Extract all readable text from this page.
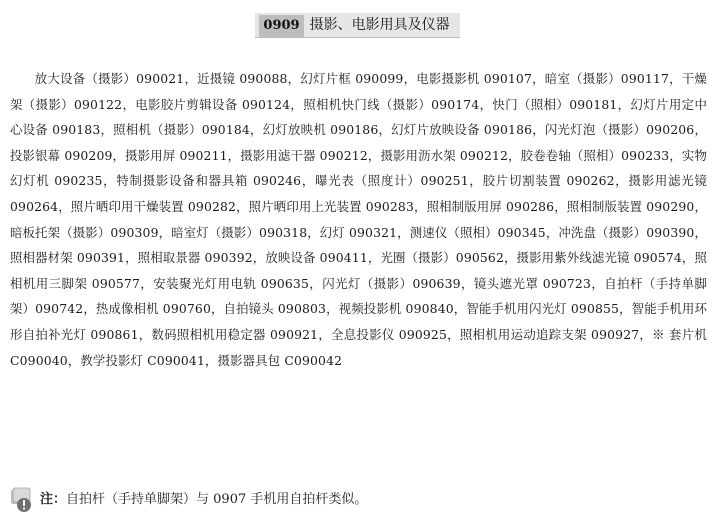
0909 摄影、电影用具及仪器

放大设备（摄影）090021，近摄镜 090088，幻灯片框 090099，电影摄影机 090107，暗室（摄影）090117，干燥架（摄影）090122，电影胶片剪辑设备 090124，照相机快门线（摄影）090174，快门（照相）090181，幻灯片用定中心设备 090183，照相机（摄影）090184，幻灯放映机 090186，幻灯片放映设备 090186，闪光灯泡（摄影）090206，投影银幕 090209，摄影用屏 090211，摄影用滤干器 090212，摄影用沥水架 090212，胶卷卷轴（照相）090233，实物幻灯机 090235，特制摄影设备和器具箱 090246，曝光表（照度计）090251，胶片切割装置 090262，摄影用滤光镜 090264，照片晒印用干燥装置 090282，照片晒印用上光装置 090283，照相制版用屏 090286，照相制版装置 090290，暗板托架（摄影）090309，暗室灯（摄影）090318，幻灯 090321，测速仪（照相）090345，冲洗盘（摄影）090390，照相器材架 090391，照相取景器 090392，放映设备 090411，光圈（摄影）090562，摄影用紫外线滤光镜 090574，照相机用三脚架 090577，安装聚光灯用电轨 090635，闪光灯（摄影）090639，镜头遮光罩 090723，自拍杆（手持单脚架）090742，热成像相机 090760，自拍镜头 090803，视频投影机 090840，智能手机用闪光灯 090855，智能手机用环形自拍补光灯 090861，数码照相机用稳定器 090921，全息投影仪 090925，照相机用运动追踪支架 090927，※ 套片机 C090040，教学投影灯 C090041，摄影器具包 C090042

注：自拍杆（手持单脚架）与 0907 手机用自拍杆类似。
